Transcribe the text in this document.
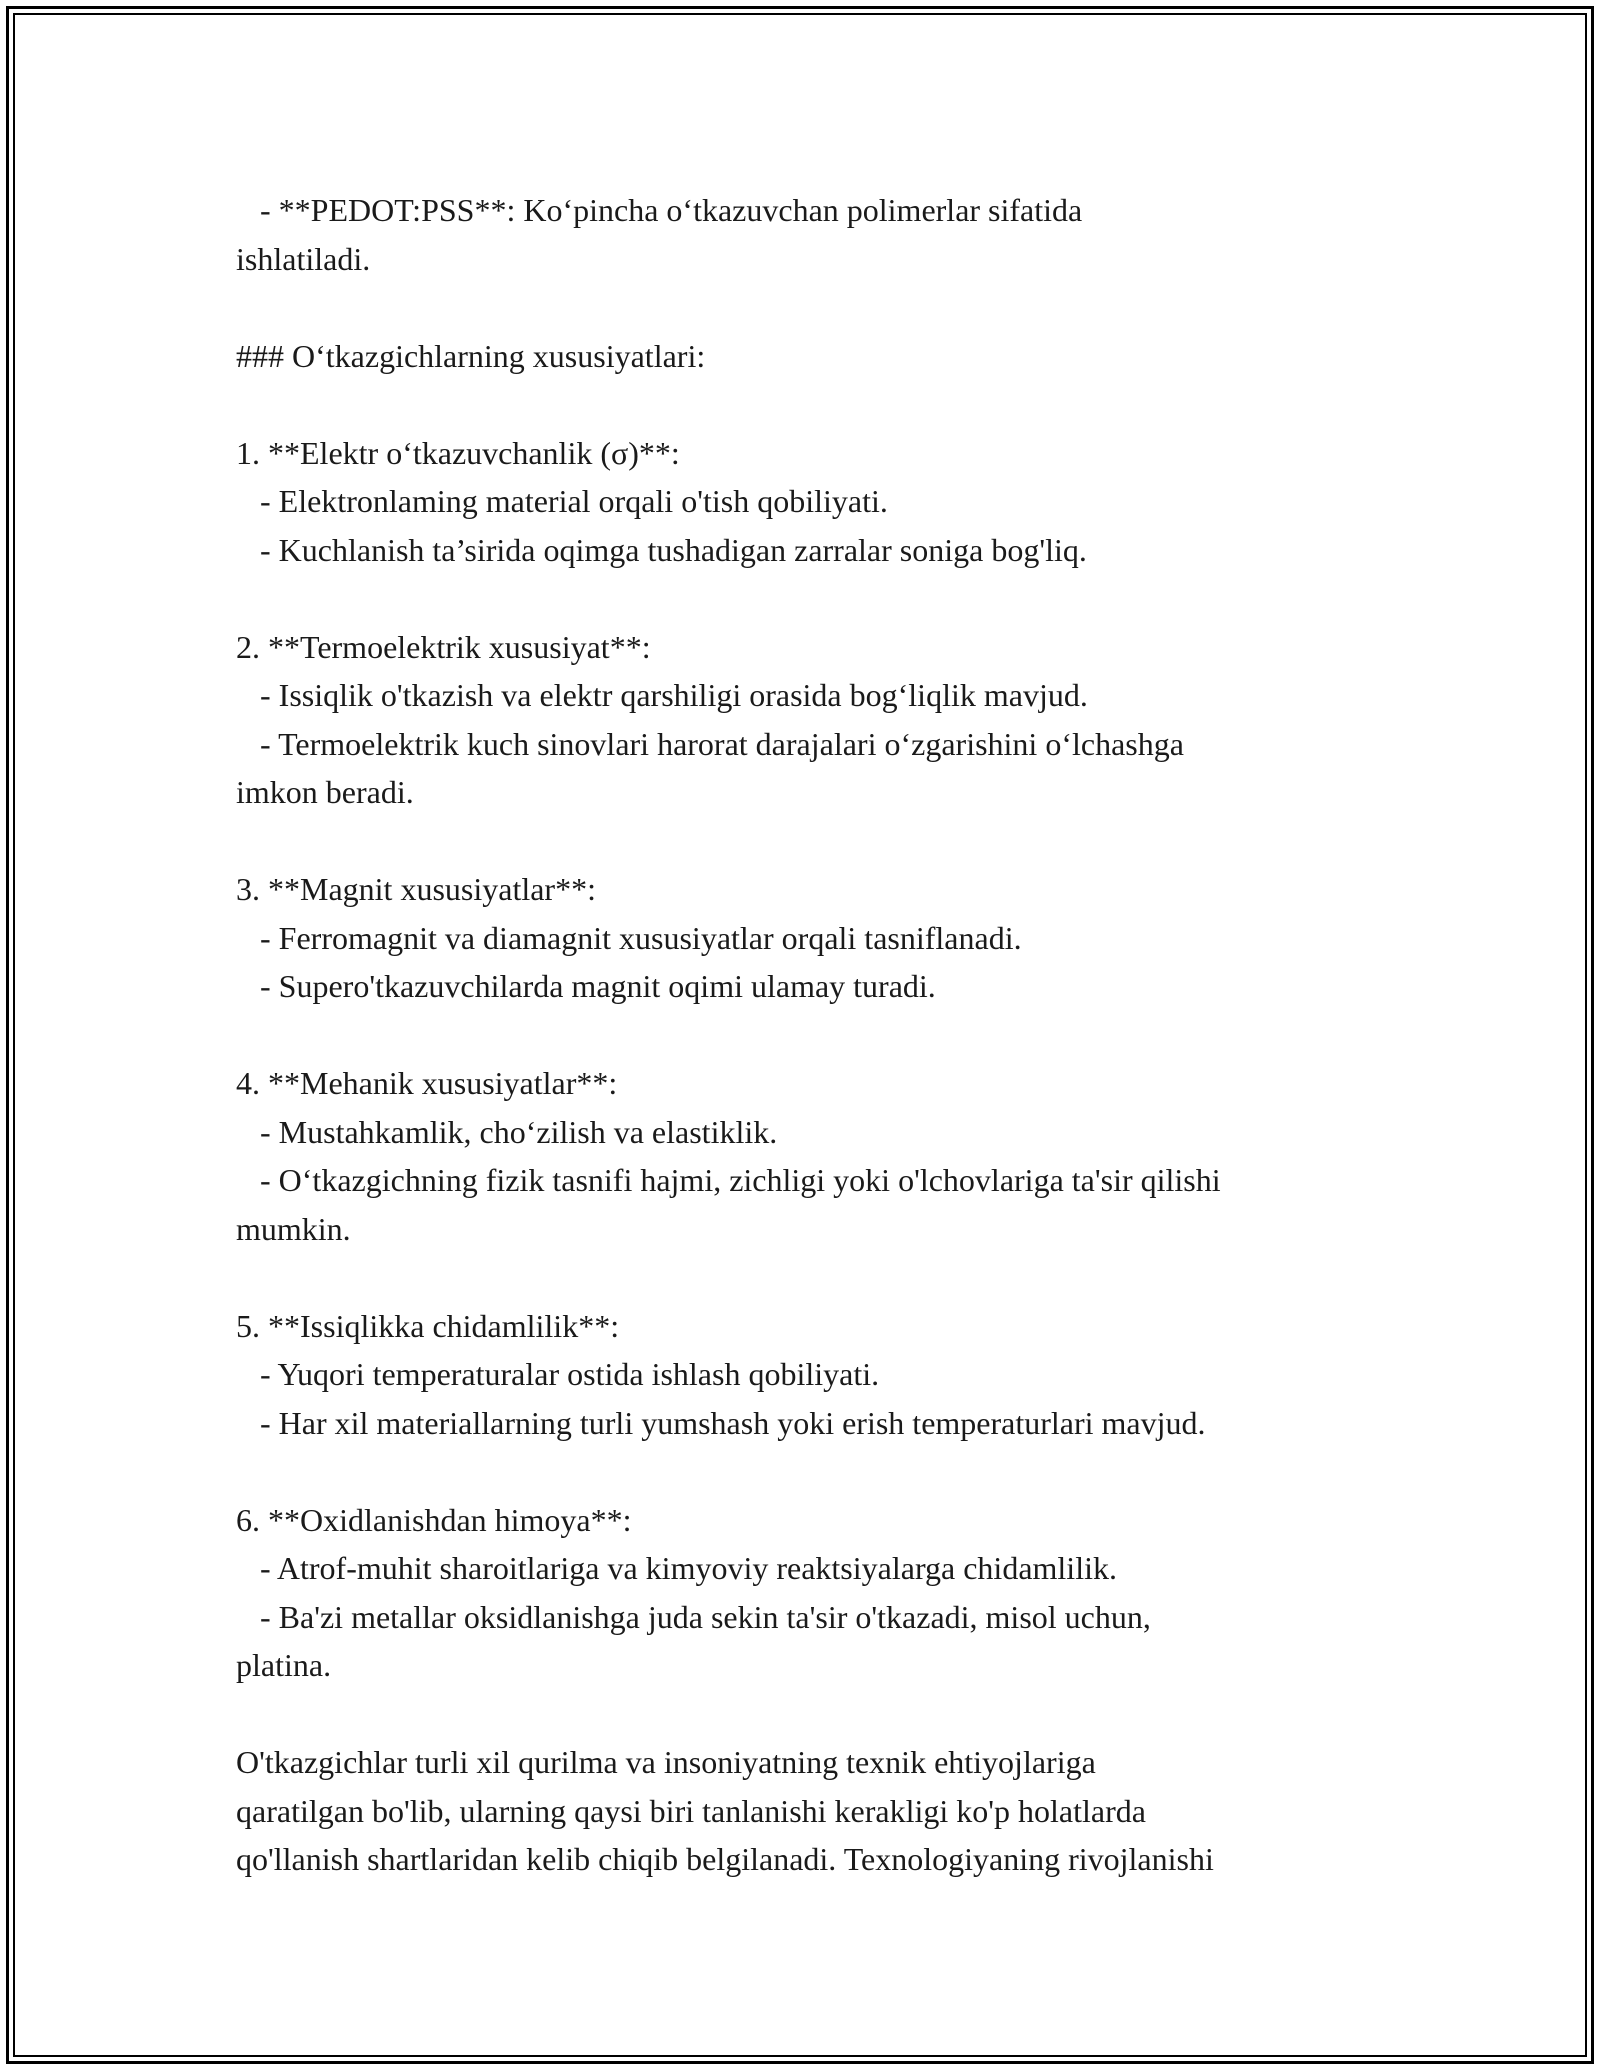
- **PEDOT:PSS**: Ko‘pincha o‘tkazuvchan polimerlar sifatida
ishlatiladi.
### O‘tkazgichlarning xususiyatlari:
1. **Elektr o‘tkazuvchanlik (σ)**:
- Elektronlaming material orqali o'tish qobiliyati.
- Kuchlanish ta’sirida oqimga tushadigan zarralar soniga bog'liq.
2. **Termoelektrik xususiyat**:
- Issiqlik o'tkazish va elektr qarshiligi orasida bog‘liqlik mavjud.
- Termoelektrik kuch sinovlari harorat darajalari o‘zgarishini o‘lchashga
imkon beradi.
3. **Magnit xususiyatlar**:
- Ferromagnit va diamagnit xususiyatlar orqali tasniflanadi.
- Supero'tkazuvchilarda magnit oqimi ulamay turadi.
4. **Mehanik xususiyatlar**:
- Mustahkamlik, cho‘zilish va elastiklik.
- O‘tkazgichning fizik tasnifi hajmi, zichligi yoki o'lchovlariga ta'sir qilishi
mumkin.
5. **Issiqlikka chidamlilik**:
- Yuqori temperaturalar ostida ishlash qobiliyati.
- Har xil materiallarning turli yumshash yoki erish temperaturlari mavjud.
6. **Oxidlanishdan himoya**:
- Atrof-muhit sharoitlariga va kimyoviy reaktsiyalarga chidamlilik.
- Ba'zi metallar oksidlanishga juda sekin ta'sir o'tkazadi, misol uchun,
platina.
O'tkazgichlar turli xil qurilma va insoniyatning texnik ehtiyojlariga
qaratilgan bo'lib, ularning qaysi biri tanlanishi kerakligi ko'p holatlarda
qo'llanish shartlaridan kelib chiqib belgilanadi. Texnologiyaning rivojlanishi
